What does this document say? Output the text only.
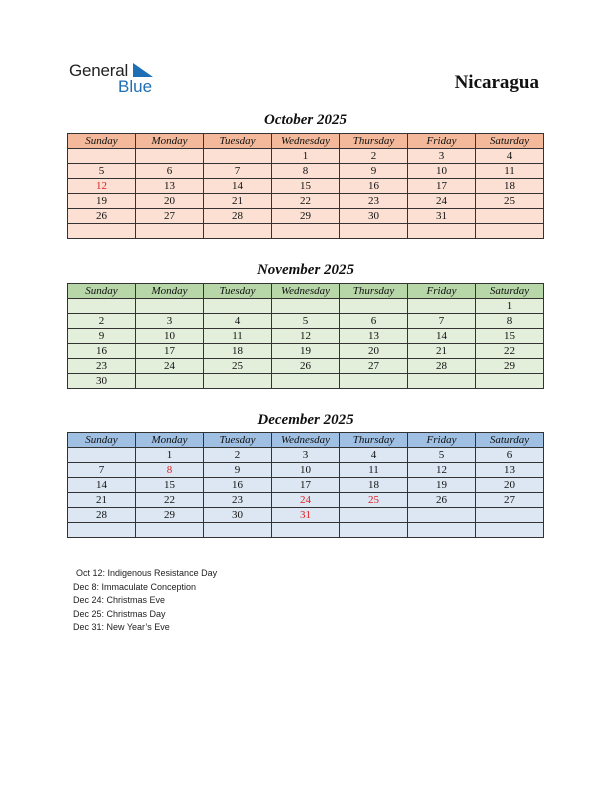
General
Blue	Nicaragua
October 2025
Sunday	Monday	Tuesday	Wednesday	Thursday	Friday	Saturday
			1	2	3	4
5	6	7	8	9	10	11
12	13	14	15	16	17	18
19	20	21	22	23	24	25
26	27	28	29	30	31	

November 2025
Sunday	Monday	Tuesday	Wednesday	Thursday	Friday	Saturday
						1
2	3	4	5	6	7	8
9	10	11	12	13	14	15
16	17	18	19	20	21	22
23	24	25	26	27	28	29
30						
December 2025
Sunday	Monday	Tuesday	Wednesday	Thursday	Friday	Saturday
	1	2	3	4	5	6
7	8	9	10	11	12	13
14	15	16	17	18	19	20
21	22	23	24	25	26	27
28	29	30	31			

Oct 12: Indigenous Resistance Day
Dec 8: Immaculate Conception
Dec 24: Christmas Eve
Dec 25: Christmas Day
Dec 31: New Year’s Eve
